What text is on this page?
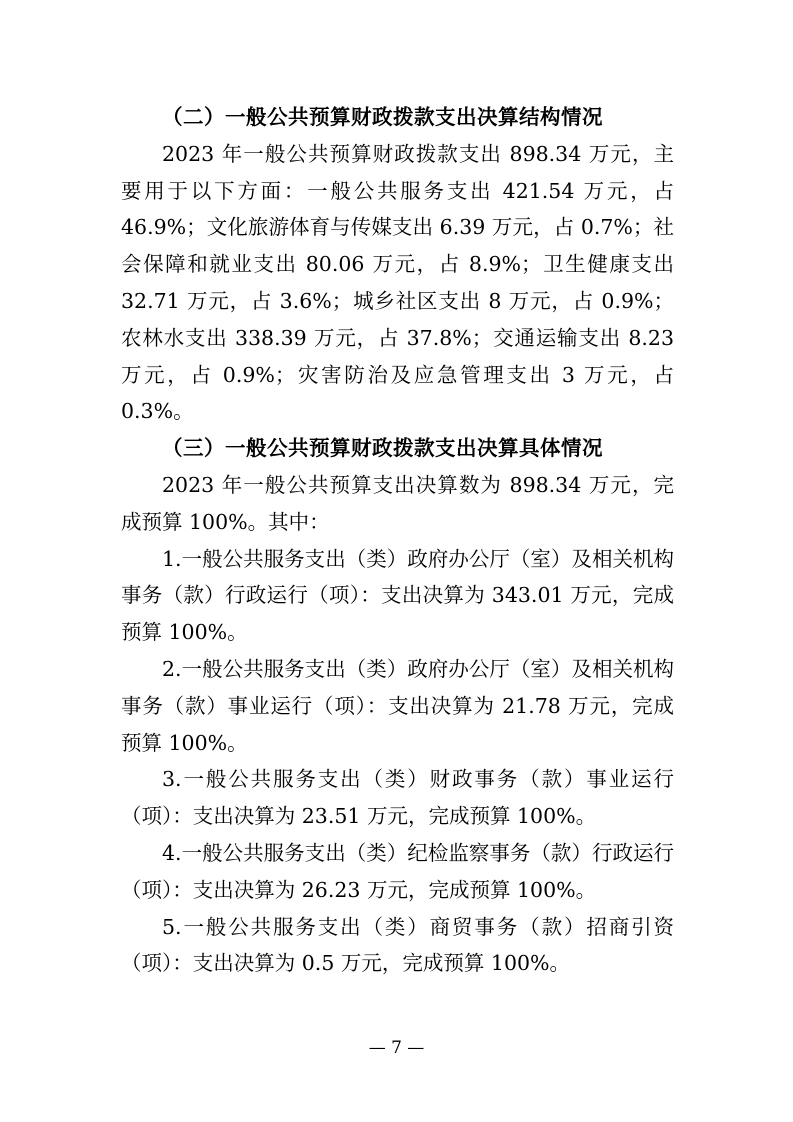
（二）一般公共预算财政拨款支出决算结构情况

2023 年一般公共预算财政拨款支出 898.34 万元，主要用于以下方面：一般公共服务支出 421.54 万元，占 46.9%；文化旅游体育与传媒支出 6.39 万元，占 0.7%；社会保障和就业支出 80.06 万元，占 8.9%；卫生健康支出 32.71 万元，占 3.6%；城乡社区支出 8 万元，占 0.9%；农林水支出 338.39 万元，占 37.8%；交通运输支出 8.23 万元，占 0.9%；灾害防治及应急管理支出 3 万元，占 0.3%。

（三）一般公共预算财政拨款支出决算具体情况

2023 年一般公共预算支出决算数为 898.34 万元，完成预算 100%。其中：

1.一般公共服务支出（类）政府办公厅（室）及相关机构事务（款）行政运行（项）：支出决算为 343.01 万元，完成预算 100%。

2.一般公共服务支出（类）政府办公厅（室）及相关机构事务（款）事业运行（项）：支出决算为 21.78 万元，完成预算 100%。

3.一般公共服务支出（类）财政事务（款）事业运行（项）：支出决算为 23.51 万元，完成预算 100%。

4.一般公共服务支出（类）纪检监察事务（款）行政运行（项）：支出决算为 26.23 万元，完成预算 100%。

5.一般公共服务支出（类）商贸事务（款）招商引资（项）：支出决算为 0.5 万元，完成预算 100%。

— 7 —
